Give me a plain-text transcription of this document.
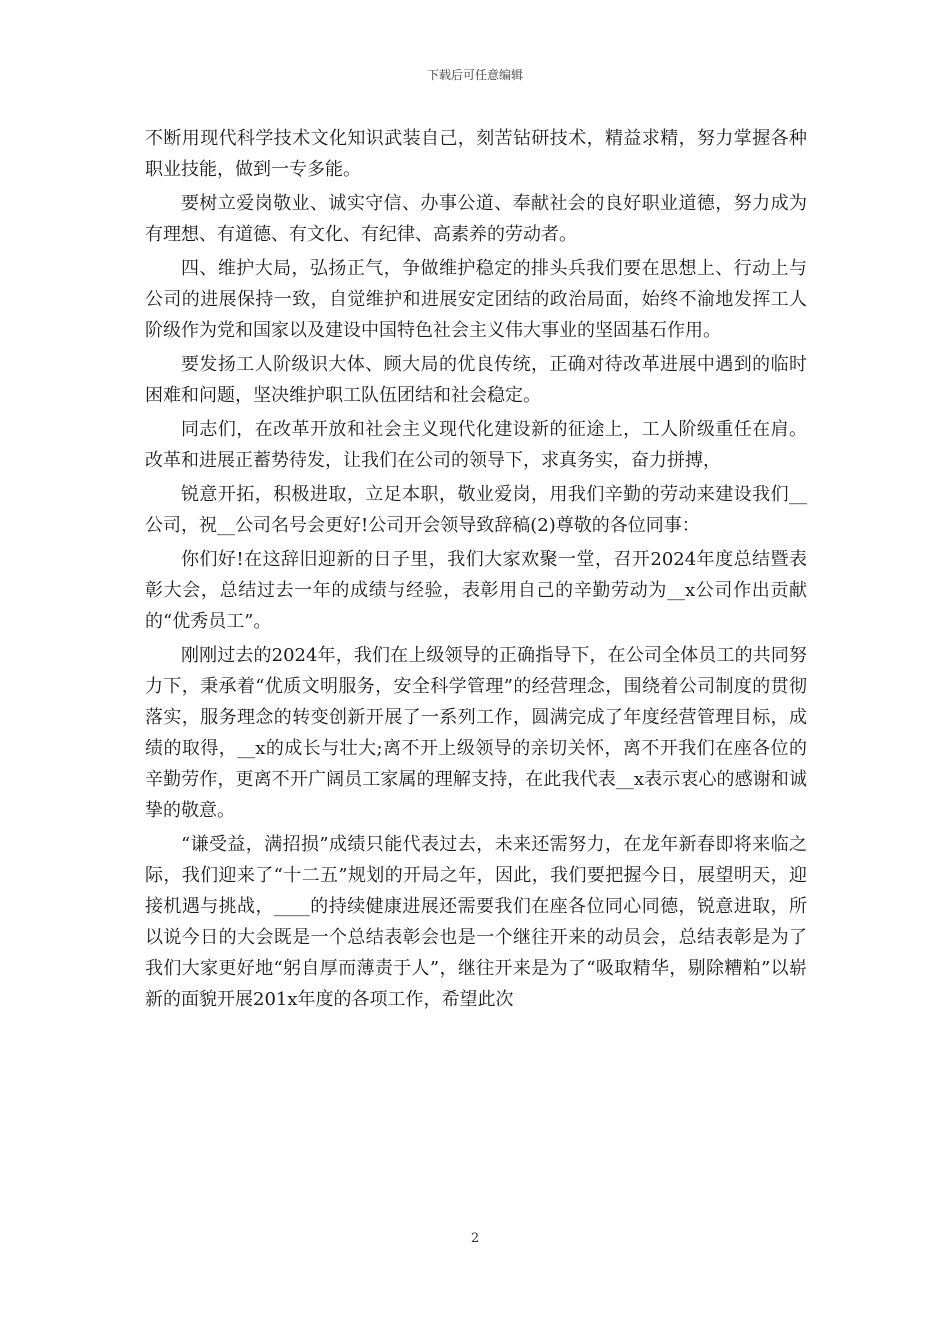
下载后可任意编辑

不断用现代科学技术文化知识武装自己，刻苦钻研技术，精益求精，努力掌握各种职业技能，做到一专多能。

要树立爱岗敬业、诚实守信、办事公道、奉献社会的良好职业道德，努力成为有理想、有道德、有文化、有纪律、高素养的劳动者。

四、维护大局，弘扬正气，争做维护稳定的排头兵我们要在思想上、行动上与公司的进展保持一致，自觉维护和进展安定团结的政治局面，始终不渝地发挥工人阶级作为党和国家以及建设中国特色社会主义伟大事业的坚固基石作用。

要发扬工人阶级识大体、顾大局的优良传统，正确对待改革进展中遇到的临时困难和问题，坚决维护职工队伍团结和社会稳定。

同志们，在改革开放和社会主义现代化建设新的征途上，工人阶级重任在肩。改革和进展正蓄势待发，让我们在公司的领导下，求真务实，奋力拼搏，

锐意开拓，积极进取，立足本职，敬业爱岗，用我们辛勤的劳动来建设我们__公司，祝__公司名号会更好!公司开会领导致辞稿(2)尊敬的各位同事：

你们好!在这辞旧迎新的日子里，我们大家欢聚一堂，召开2024年度总结暨表彰大会，总结过去一年的成绩与经验，表彰用自己的辛勤劳动为__x公司作出贡献的“优秀员工”。

刚刚过去的2024年，我们在上级领导的正确指导下，在公司全体员工的共同努力下，秉承着“优质文明服务，安全科学管理”的经营理念，围绕着公司制度的贯彻落实，服务理念的转变创新开展了一系列工作，圆满完成了年度经营管理目标，成绩的取得，__x的成长与壮大;离不开上级领导的亲切关怀，离不开我们在座各位的辛勤劳作，更离不开广阔员工家属的理解支持，在此我代表__x表示衷心的感谢和诚挚的敬意。

“谦受益，满招损”成绩只能代表过去，未来还需努力，在龙年新春即将来临之际，我们迎来了“十二五”规划的开局之年，因此，我们要把握今日，展望明天，迎接机遇与挑战，____的持续健康进展还需要我们在座各位同心同德，锐意进取，所以说今日的大会既是一个总结表彰会也是一个继往开来的动员会，总结表彰是为了我们大家更好地“躬自厚而薄责于人”，继往开来是为了“吸取精华，剔除糟粕”以崭新的面貌开展201x年度的各项工作，希望此次

2
